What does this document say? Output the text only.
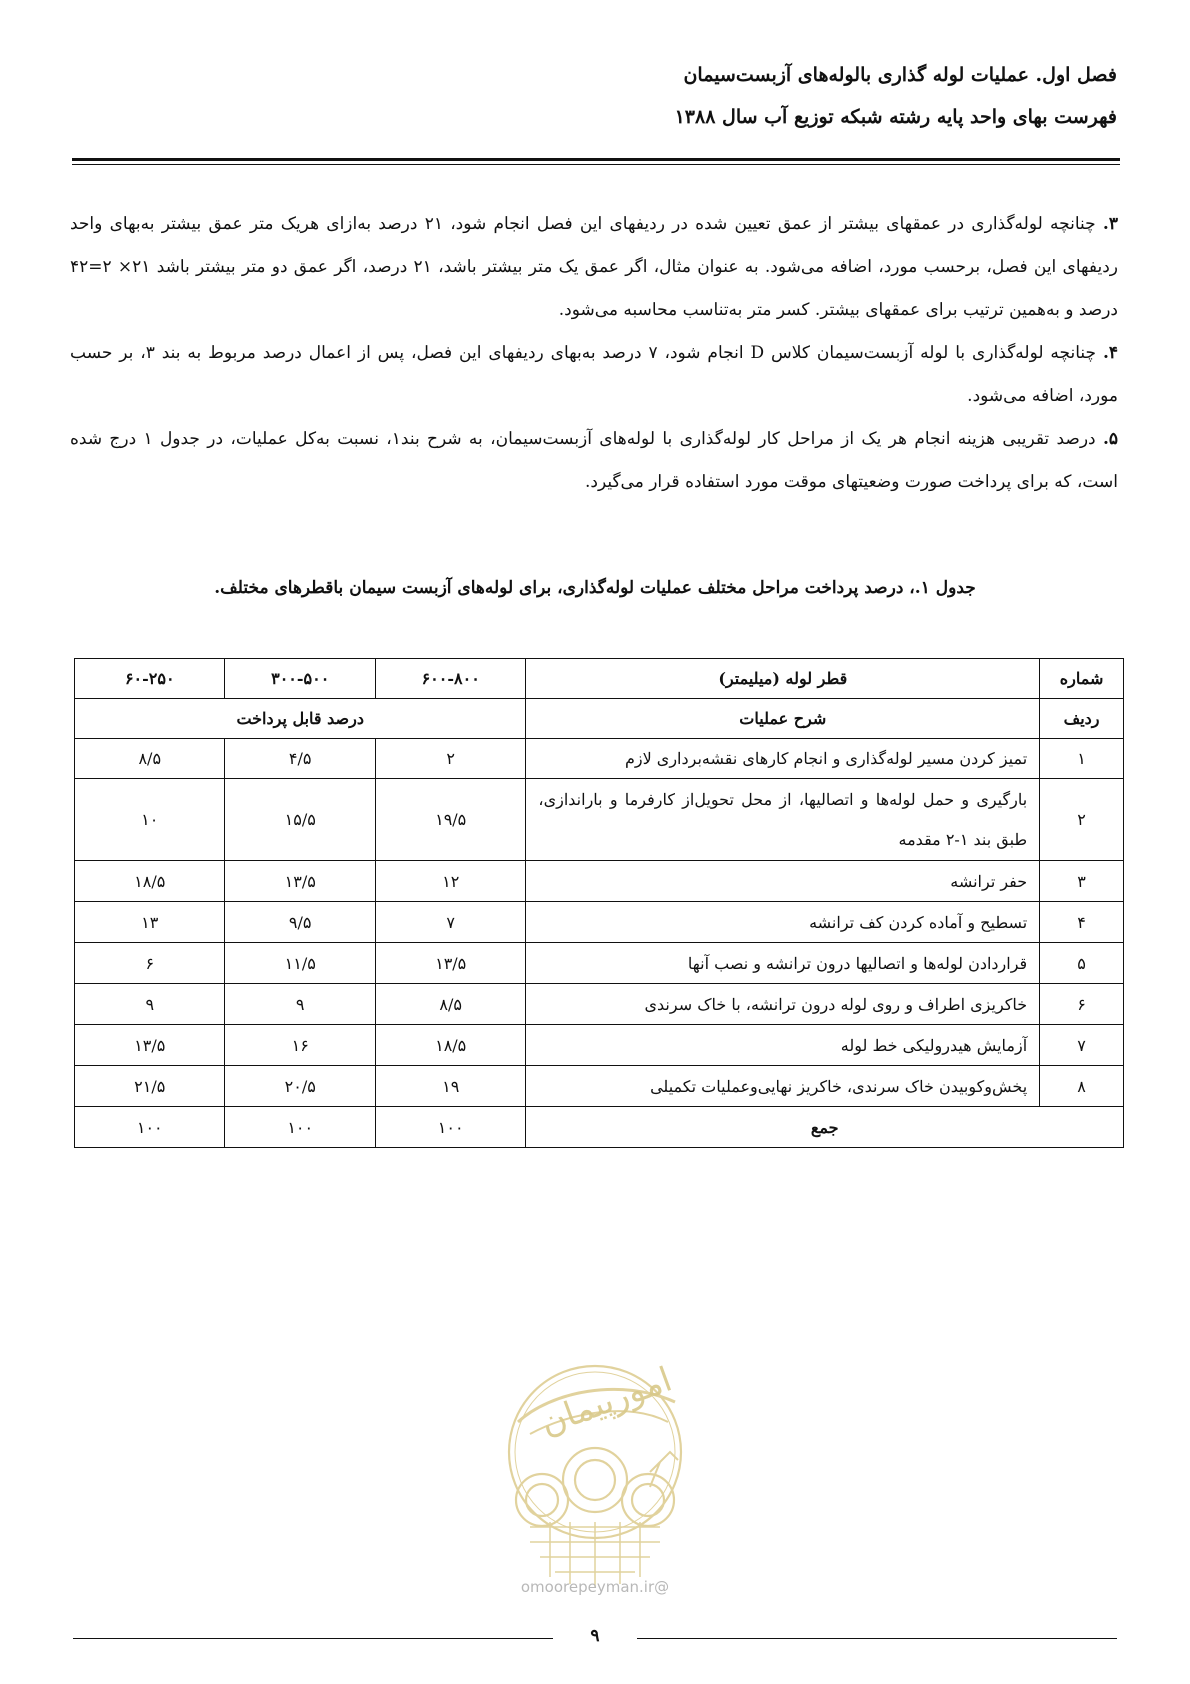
فصل اول. عملیات لوله گذاری بالوله‌های آزبست‌سیمان
فهرست بهای واحد پایه رشته شبکه توزیع آب سال ۱۳۸۸

۳. چنانچه لوله‌گذاری در عمقهای بیشتر از عمق تعیین شده در ردیفهای این فصل انجام شود، ۲۱ درصد به‌ازای هریک متر عمق بیشتر به‌بهای واحد ردیفهای این فصل، برحسب مورد، اضافه می‌شود. به عنوان مثال، اگر عمق یک متر بیشتر باشد، ۲۱ درصد، اگر عمق دو متر بیشتر باشد ۲۱× ۲=۴۲ درصد و به‌همین ترتیب برای عمقهای بیشتر. کسر متر به‌تناسب محاسبه می‌شود.

۴. چنانچه لوله‌گذاری با لوله آزبست‌سیمان کلاس D انجام شود، ۷ درصد به‌بهای ردیفهای این فصل، پس از اعمال درصد مربوط به بند ۳، بر حسب مورد، اضافه می‌شود.

۵. درصد تقریبی هزینه انجام هر یک از مراحل کار لوله‌گذاری با لوله‌های آزبست‌سیمان، به شرح بند۱، نسبت به‌کل عملیات، در جدول ۱ درج شده است، که برای پرداخت صورت وضعیتهای موقت مورد استفاده قرار می‌گیرد.

جدول ۱.، درصد پرداخت مراحل مختلف عملیات لوله‌گذاری، برای لوله‌های آزبست سیمان باقطرهای مختلف.
شماره	قطر لوله (میلیمتر)	۶۰۰-۸۰۰	۳۰۰-۵۰۰	۶۰-۲۵۰
ردیف	شرح عملیات	درصد قابل پرداخت		
۱	تمیز کردن مسیر لوله‌گذاری و انجام کارهای نقشه‌برداری لازم	۲	۴/۵	۸/۵
۲	بارگیری و حمل لوله‌ها و اتصالیها، از محل تحویل‌از کارفرما و باراندازی، طبق بند ۱-۲ مقدمه	۱۹/۵	۱۵/۵	۱۰
۳	حفر ترانشه	۱۲	۱۳/۵	۱۸/۵
۴	تسطیح و آماده کردن کف ترانشه	۷	۹/۵	۱۳
۵	قراردادن لوله‌ها و اتصالیها درون ترانشه و نصب آنها	۱۳/۵	۱۱/۵	۶
۶	خاکریزی اطراف و روی لوله درون ترانشه، با خاک سرندی	۸/۵	۹	۹
۷	آزمایش هیدرولیکی خط لوله	۱۸/۵	۱۶	۱۳/۵
۸	پخش‌وکوبیدن خاک سرندی، خاکریز نهایی‌وعملیات تکمیلی	۱۹	۲۰/۵	۲۱/۵
جمع		۱۰۰	۱۰۰	۱۰۰
امورپیمان
@omoorepeyman.ir
۹
